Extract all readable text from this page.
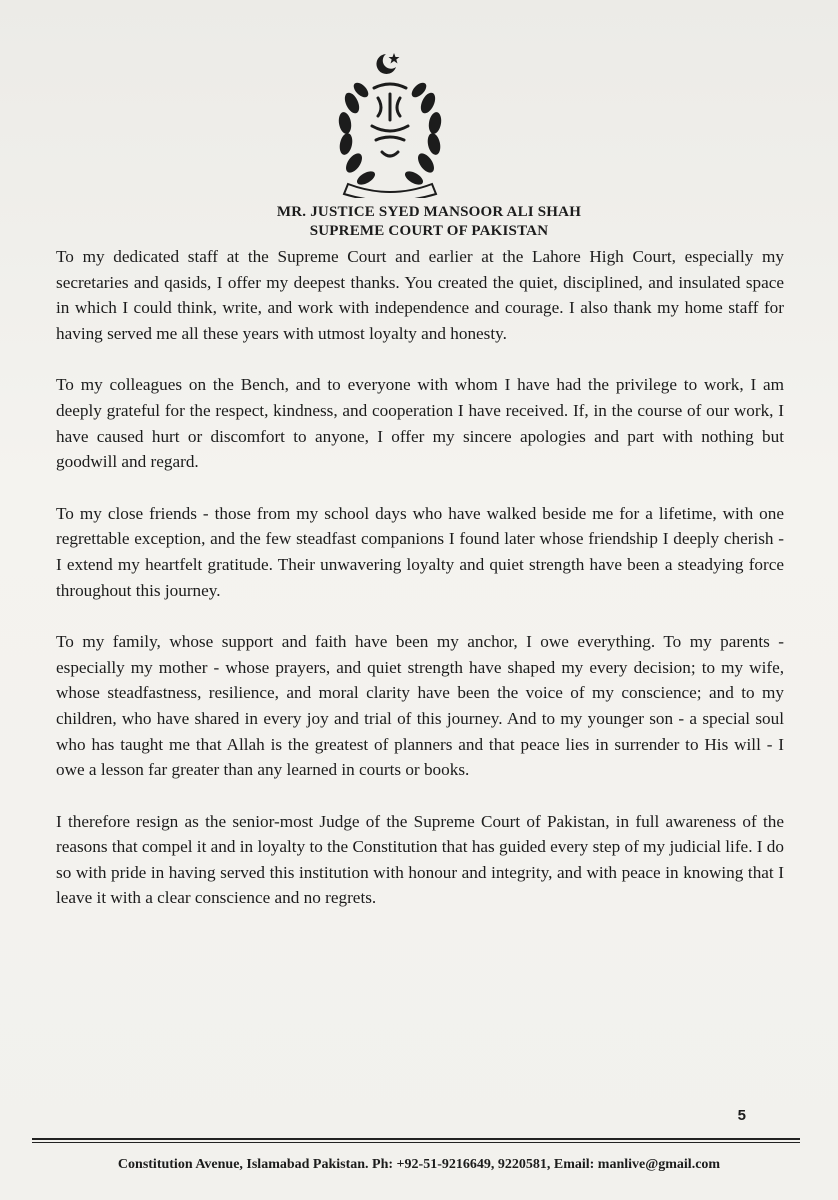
MR. JUSTICE SYED MANSOOR ALI SHAH
SUPREME COURT OF PAKISTAN

To my dedicated staff at the Supreme Court and earlier at the Lahore High Court, especially my secretaries and qasids, I offer my deepest thanks. You created the quiet, disciplined, and insulated space in which I could think, write, and work with independence and courage. I also thank my home staff for having served me all these years with utmost loyalty and honesty.

To my colleagues on the Bench, and to everyone with whom I have had the privilege to work, I am deeply grateful for the respect, kindness, and cooperation I have received. If, in the course of our work, I have caused hurt or discomfort to anyone, I offer my sincere apologies and part with nothing but goodwill and regard.

To my close friends - those from my school days who have walked beside me for a lifetime, with one regrettable exception, and the few steadfast companions I found later whose friendship I deeply cherish - I extend my heartfelt gratitude. Their unwavering loyalty and quiet strength have been a steadying force throughout this journey.

To my family, whose support and faith have been my anchor, I owe everything. To my parents - especially my mother - whose prayers, and quiet strength have shaped my every decision; to my wife, whose steadfastness, resilience, and moral clarity have been the voice of my conscience; and to my children, who have shared in every joy and trial of this journey. And to my younger son - a special soul who has taught me that Allah is the greatest of planners and that peace lies in surrender to His will - I owe a lesson far greater than any learned in courts or books.

I therefore resign as the senior-most Judge of the Supreme Court of Pakistan, in full awareness of the reasons that compel it and in loyalty to the Constitution that has guided every step of my judicial life. I do so with pride in having served this institution with honour and integrity, and with peace in knowing that I leave it with a clear conscience and no regrets.

5
Constitution Avenue, Islamabad Pakistan. Ph: +92-51-9216649, 9220581, Email: manlive@gmail.com
